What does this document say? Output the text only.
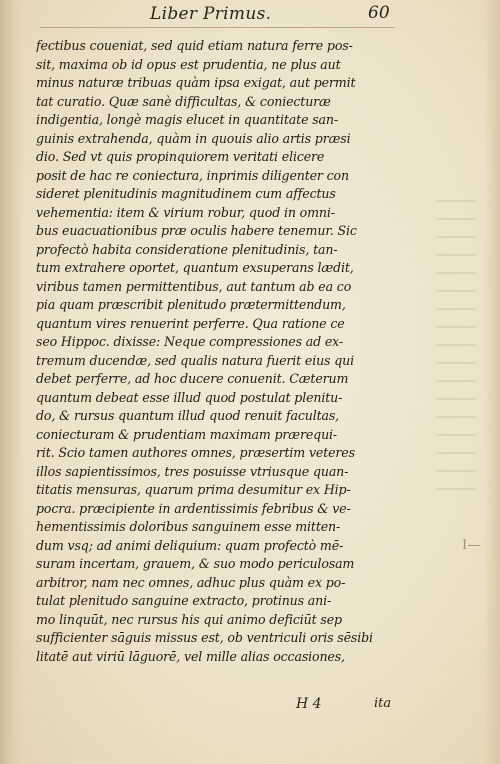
Liber Primus.	60
fectibus coueniat, sed quid etiam natura ferre pos-
sit, maxima ob id opus est prudentia, ne plus aut
minus naturæ tribuas quàm ipsa exigat, aut permit
tat curatio. Quæ sanè difficultas, & coniecturæ
indigentia, longè magis elucet in quantitate san-
guinis extrahenda, quàm in quouis alio artis præsi
dio. Sed vt quis propinquiorem veritati elicere
posit de hac re coniectura, inprimis diligenter con
sideret plenitudinis magnitudinem cum affectus
vehementia: item & virium robur, quod in omni-
bus euacuationibus præ oculis habere tenemur. Sic
profectò habita consideratione plenitudinis, tan-
tum extrahere oportet, quantum exsuperans lædit,
viribus tamen permittentibus, aut tantum ab ea co
pia quam præscribit plenitudo prætermittendum,
quantum vires renuerint perferre. Qua ratione ce
seo Hippoc. dixisse: Neque compressiones ad ex-
tremum ducendæ, sed qualis natura fuerit eius qui
debet perferre, ad hoc ducere conuenit. Cæterum
quantum debeat esse illud quod postulat plenitu-
do, & rursus quantum illud quod renuit facultas,
coniecturam & prudentiam maximam prærequi-
rit. Scio tamen authores omnes, præsertim veteres
illos sapientissimos, tres posuisse vtriusque quan-
titatis mensuras, quarum prima desumitur ex Hip-
pocra. præcipiente in ardentissimis febribus & ve-
hementissimis doloribus sanguinem esse mitten-
dum vsq; ad animi deliquium: quam profectò mē-
suram incertam, grauem, & suo modo periculosam
arbitror, nam nec omnes, adhuc plus quàm ex po-
tulat plenitudo sanguine extracto, protinus ani-
mo linquūt, nec rursus his qui animo deficiūt sep
sufficienter sāguis missus est, ob ventriculi oris sēsibi
litatē aut viriū lāguorē, vel mille alias occasiones,
H 4	ita
I—
